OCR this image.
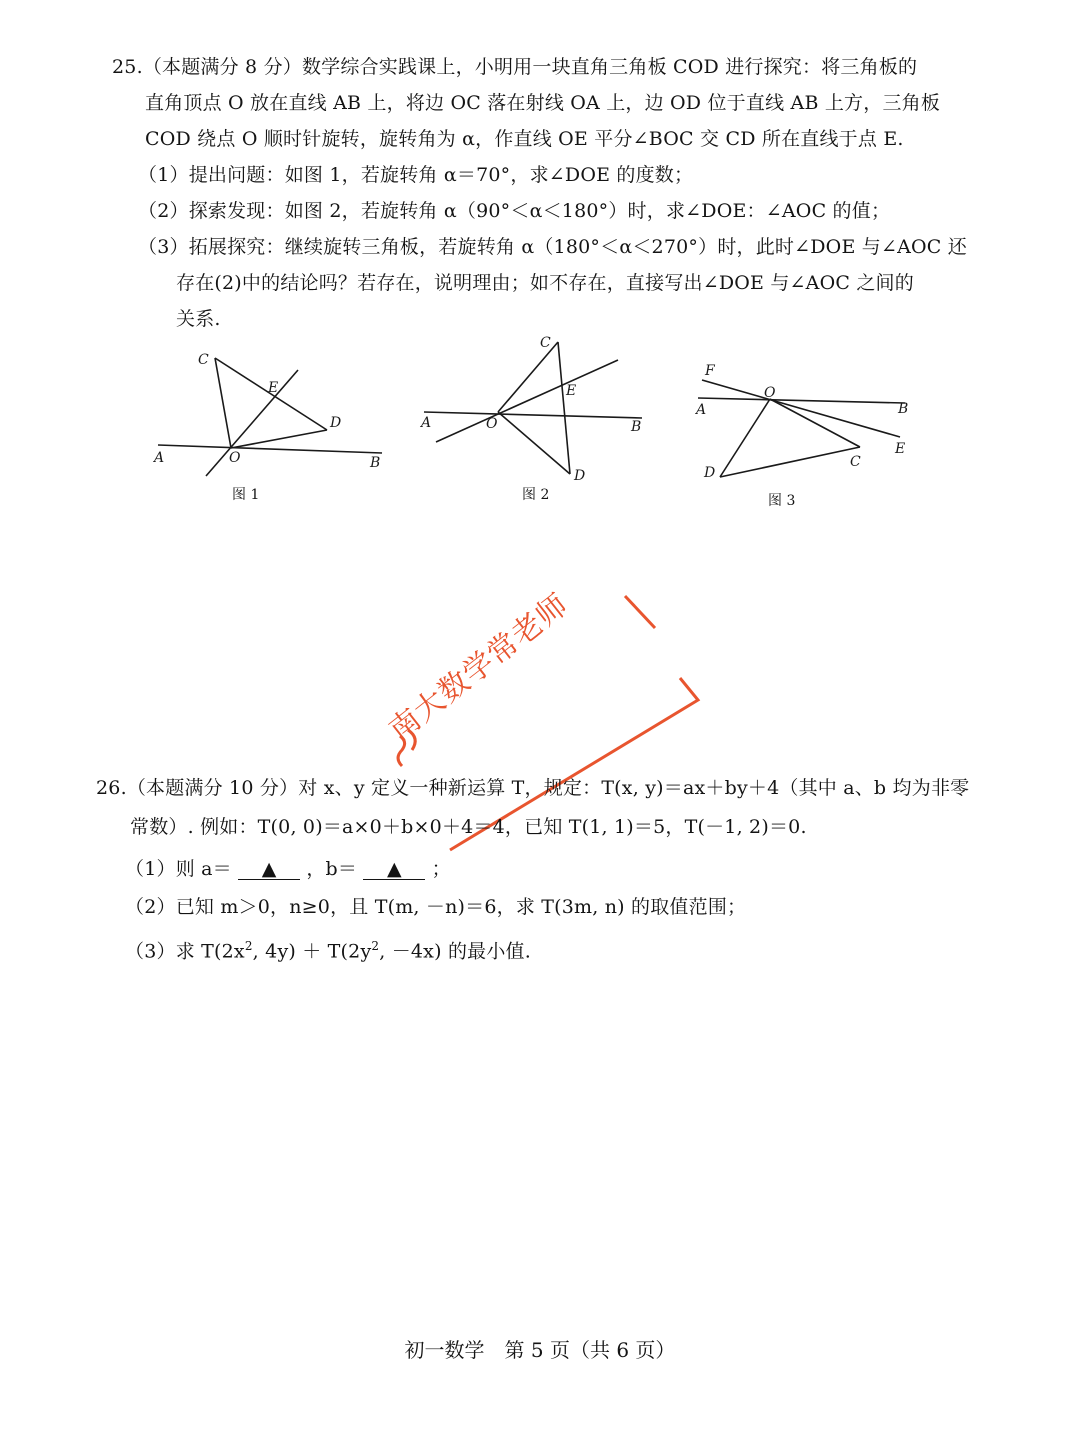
25.（本题满分 8 分）数学综合实践课上，小明用一块直角三角板 COD 进行探究：将三角板的
直角顶点 O 放在直线 AB 上，将边 OC 落在射线 OA 上，边 OD 位于直线 AB 上方，三角板
COD 绕点 O 顺时针旋转，旋转角为 α，作直线 OE 平分∠BOC 交 CD 所在直线于点 E.
（1）提出问题：如图 1，若旋转角 α＝70°，求∠DOE 的度数；
（2）探索发现：如图 2，若旋转角 α（90°＜α＜180°）时，求∠DOE：∠AOC 的值；
（3）拓展探究：继续旋转三角板，若旋转角 α（180°＜α＜270°）时，此时∠DOE 与∠AOC 还
存在(2)中的结论吗？若存在，说明理由；如不存在，直接写出∠DOE 与∠AOC 之间的
关系.
C
E
D
A	O	B
图 1
C
E
A	O	B
D
图 2
F
O
A	B
E
C
D
图 3
南大数学常老师
26.（本题满分 10 分）对 x、y 定义一种新运算 T，规定：T(x, y)＝ax＋by＋4（其中 a、b 均为非零
常数）. 例如：T(0, 0)＝a×0＋b×0＋4＝4，已知 T(1, 1)＝5，T(－1, 2)＝0.
（1）则 a＝ ▲ ，b＝ ▲ ；
（2）已知 m＞0，n≥0，且 T(m, －n)＝6，求 T(3m, n) 的取值范围；
（3）求 $T(2x^2$, $4y) + T(2y^2$, －4x) 的最小值.
初一数学　第 5 页（共 6 页）
